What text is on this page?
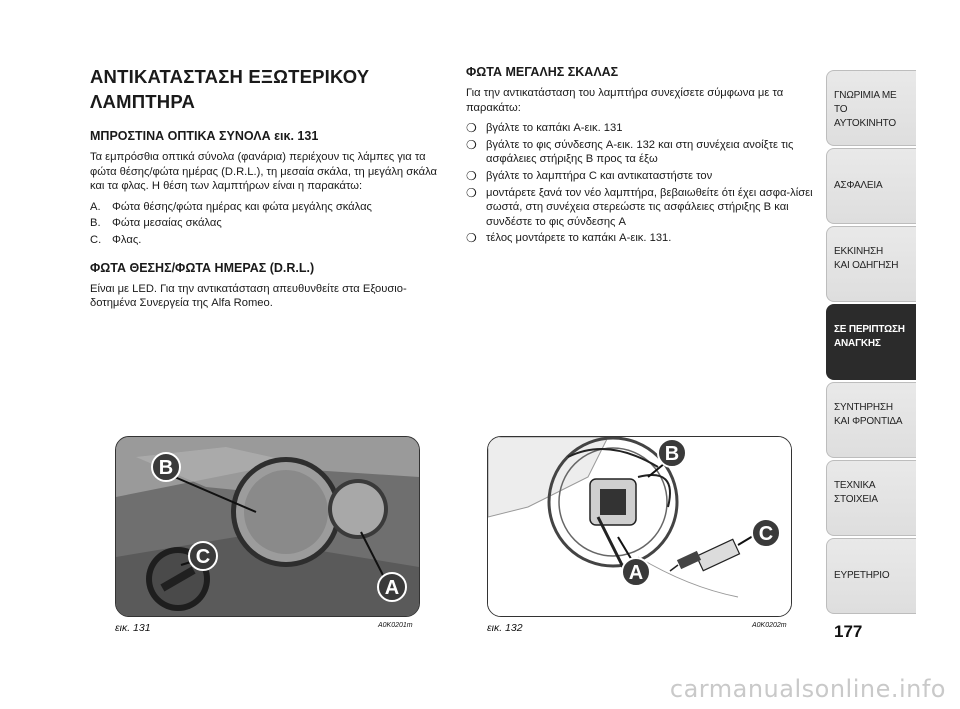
ΑΝΤΙΚΑΤΑΣΤΑΣΗ ΕΞΩΤΕΡΙΚΟΥ
ΛΑΜΠΤΗΡΑ
ΜΠΡΟΣΤΙΝΑ ΟΠΤΙΚΑ ΣΥΝΟΛΑ εικ. 131

Τα εμπρόσθια οπτικά σύνολα (φανάρια) περιέχουν τις λάμπες για τα φώτα θέσης/φώτα ημέρας (D.R.L.), τη μεσαία σκάλα, τη μεγάλη σκάλα και τα φλας. Η θέση των λαμπτήρων είναι η παρακάτω:

A.	Φώτα θέσης/φώτα ημέρας και φώτα μεγάλης σκάλας
B.	Φώτα μεσαίας σκάλας
C. Φλας.
ΦΩΤΑ ΘΕΣΗΣ/ΦΩΤΑ ΗΜΕΡΑΣ (D.R.L.)

Είναι με LED. Για την αντικατάσταση απευθυνθείτε στα Εξουσιο-δοτημένα Συνεργεία της Alfa Romeo.

ΦΩΤΑ ΜΕΓΑΛΗΣ ΣΚΑΛΑΣ

Για την αντικατάσταση του λαμπτήρα συνεχίσετε σύμφωνα με τα παρακάτω:

❍ βγάλτε το καπάκι A-εικ. 131
❍ βγάλτε το φις σύνδεσης A-εικ. 132 και στη συνέχεια ανοίξτε τις ασφάλειες στήριξης B προς τα έξω
❍ βγάλτε το λαμπτήρα C και αντικαταστήστε τον
❍ μοντάρετε ξανά τον νέο λαμπτήρα, βεβαιωθείτε ότι έχει ασφα-λίσει σωστά, στη συνέχεια στερεώστε τις ασφάλειες στήριξης B και συνδέστε το φις σύνδεσης A
❍ τέλος μοντάρετε το καπάκι A-εικ. 131.
ΓΝΩΡΙΜΙΑ ΜΕ ΤΟ
ΑΥΤΟΚΙΝΗΤΟ
ΑΣΦΑΛΕΙΑ
ΕΚΚΙΝΗΣΗ
ΚΑΙ ΟΔΗΓΗΣΗ
ΣΕ ΠΕΡΙΠΤΩΣΗ
ΑΝΑΓΚΗΣ
ΣΥΝΤΗΡΗΣΗ
ΚΑΙ ΦΡΟΝΤΙΔΑ
ΤΕΧΝΙΚΑ
ΣΤΟΙΧΕΙΑ
ΕΥΡΕΤΗΡΙΟ
177
B
C
A
εικ. 131	A0K0201m
B
A
C
εικ. 132	A0K0202m
carmanualsonline.info
